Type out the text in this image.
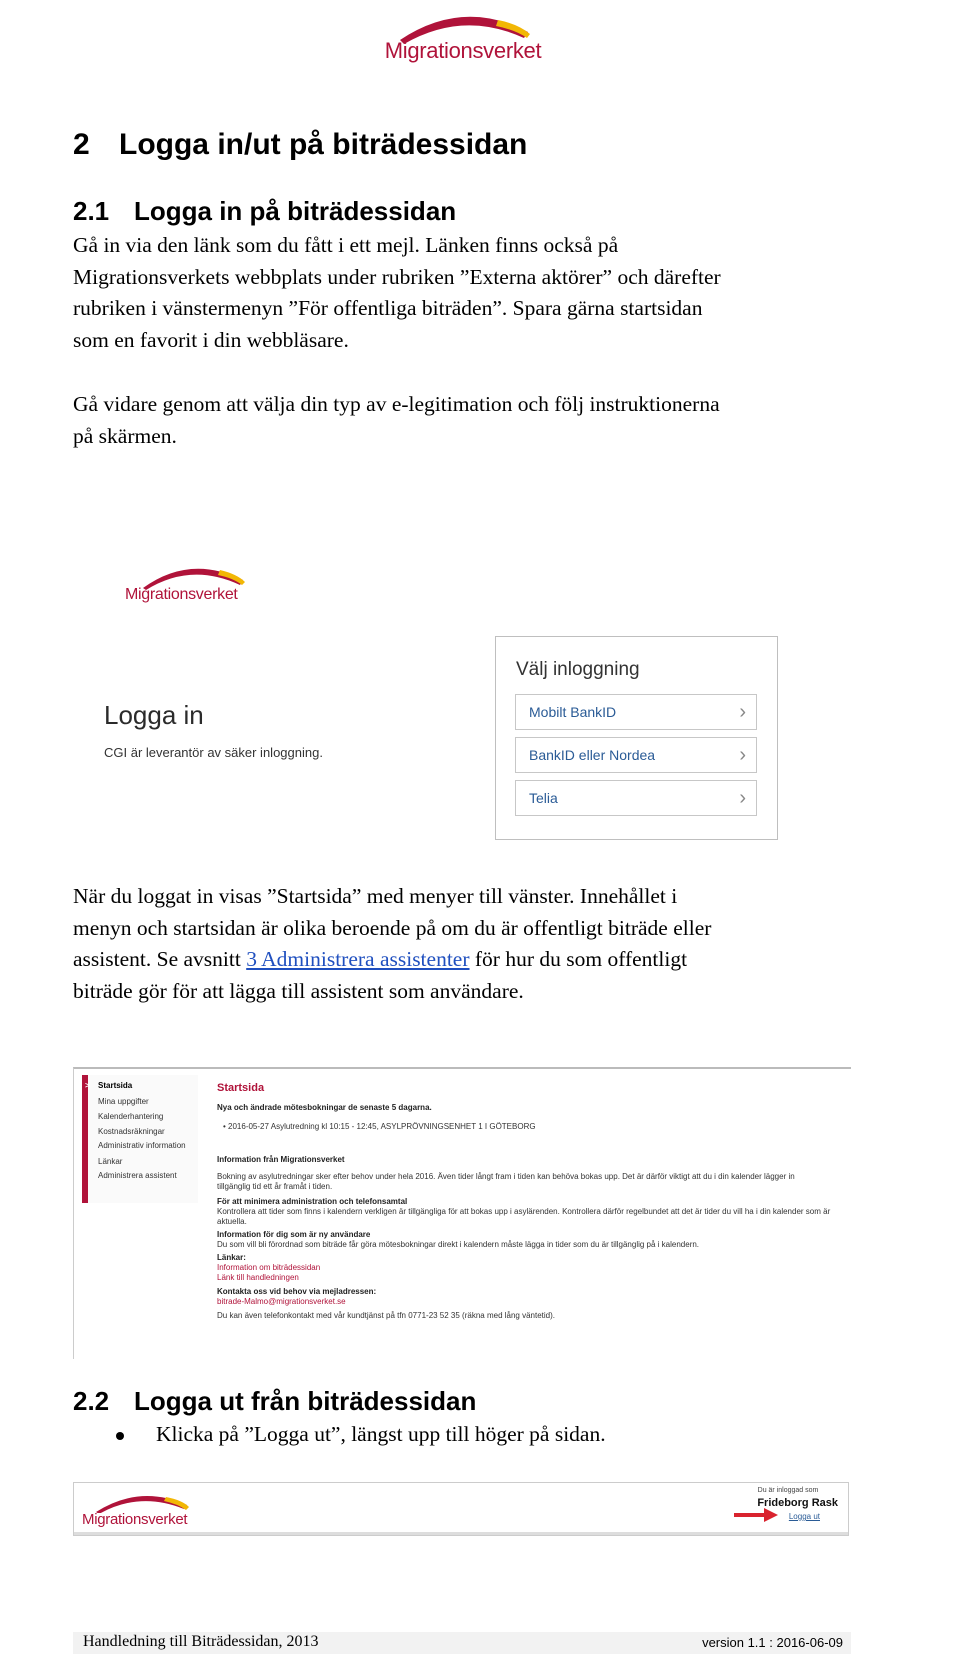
Migrationsverket
2 Logga in/ut på biträdessidan
2.1 Logga in på biträdessidan
Gå in via den länk som du fått i ett mejl. Länken finns också på
Migrationsverkets webbplats under rubriken ”Externa aktörer” och därefter
rubriken i vänstermenyn ”För offentliga biträden”. Spara gärna startsidan
som en favorit i din webbläsare.
Gå vidare genom att välja din typ av e-legitimation och följ instruktionerna
på skärmen.
Migrationsverket
Logga in
CGI är leverantör av säker inloggning.
Välj inloggning
Mobilt BankID	›
BankID eller Nordea	›
Telia	›
När du loggat in visas ”Startsida” med menyer till vänster. Innehållet i
menyn och startsidan är olika beroende på om du är offentligt biträde eller
assistent. Se avsnitt 3 Administrera assistenter för hur du som offentligt
biträde gör för att lägga till assistent som användare.
> Startsida
Mina uppgifter
Kalenderhantering
Kostnadsräkningar
Administrativ information
Länkar
Administrera assistent
Startsida
Nya och ändrade mötesbokningar de senaste 5 dagarna.
• 2016-05-27 Asylutredning kl 10:15 - 12:45, ASYLPRÖVNINGSENHET 1 I GÖTEBORG
Information från Migrationsverket
Bokning av asylutredningar sker efter behov under hela 2016. Även tider långt fram i tiden kan behöva bokas upp. Det är därför viktigt att du i din kalender lägger in
tillgänglig tid ett år framåt i tiden.
För att minimera administration och telefonsamtal
Kontrollera att tider som finns i kalendern verkligen är tillgängliga för att bokas upp i asylärenden. Kontrollera därför regelbundet att det är tider du vill ha i din kalender som är
aktuella.
Information för dig som är ny användare
Du som vill bli förordnad som biträde får göra mötesbokningar direkt i kalendern måste lägga in tider som du är tillgänglig på i kalendern.
Länkar:
Information om biträdessidan
Länk till handledningen
Kontakta oss vid behov via mejladressen:
bitrade-Malmo@migrationsverket.se
Du kan även telefonkontakt med vår kundtjänst på tfn 0771-23 52 35 (räkna med lång väntetid).
2.2 Logga ut från biträdessidan
Klicka på ”Logga ut”, längst upp till höger på sidan.
Migrationsverket
Du är inloggad som
Frideborg Rask
Logga ut
Handledning till Biträdessidan, 2013	version 1.1 : 2016-06-09
